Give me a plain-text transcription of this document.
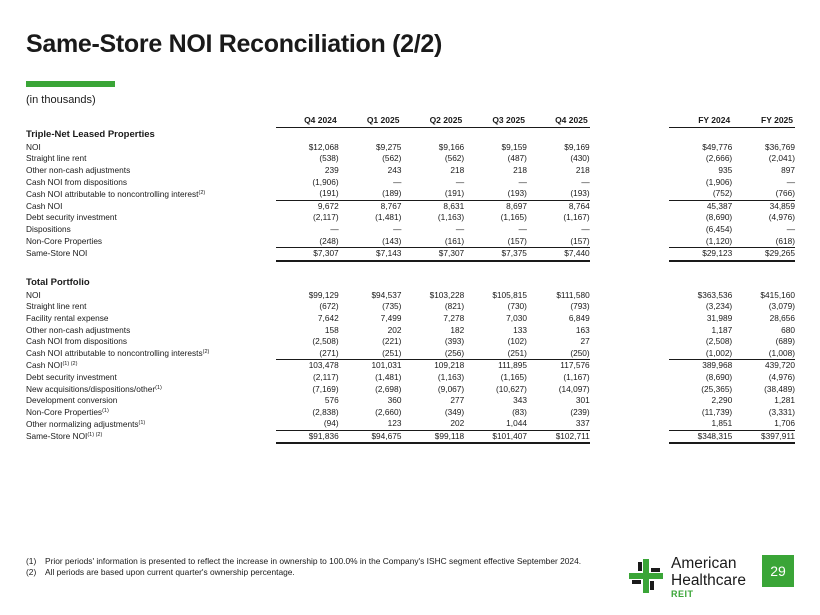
Same-Store NOI Reconciliation (2/2)
(in thousands)
	Q4 2024	Q1 2025	Q2 2025	Q3 2025	Q4 2025		FY 2024	FY 2025
Triple-Net Leased Properties								
NOI	$12,068	$9,275	$9,166	$9,159	$9,169		$49,776	$36,769
Straight line rent	(538)	(562)	(562)	(487)	(430)		(2,666)	(2,041)
Other non-cash adjustments	239	243	218	218	218		935	897
Cash NOI from dispositions	(1,906)	—	—	—	—		(1,906)	—
Cash NOI attributable to noncontrolling interest$^{(2)}$	(191)	(189)	(191)	(193)	(193)		(752)	(766)
Cash NOI	9,672	8,767	8,631	8,697	8,764		45,387	34,859
Debt security investment	(2,117)	(1,481)	(1,163)	(1,165)	(1,167)		(8,690)	(4,976)
Dispositions	—	—	—	—	—		(6,454)	—
Non-Core Properties	(248)	(143)	(161)	(157)	(157)		(1,120)	(618)
Same-Store NOI	$7,307	$7,143	$7,307	$7,375	$7,440		$29,123	$29,265

Total Portfolio								
NOI	$99,129	$94,537	$103,228	$105,815	$111,580		$363,536	$415,160
Straight line rent	(672)	(735)	(821)	(730)	(793)		(3,234)	(3,079)
Facility rental expense	7,642	7,499	7,278	7,030	6,849		31,989	28,656
Other non-cash adjustments	158	202	182	133	163		1,187	680
Cash NOI from dispositions	(2,508)	(221)	(393)	(102)	27		(2,508)	(689)
Cash NOI attributable to noncontrolling interests$^{(2)}$	(271)	(251)	(256)	(251)	(250)		(1,002)	(1,008)
Cash $NOI^{(1) (2)}$	103,478	101,031	109,218	111,895	117,576		389,968	439,720
Debt security investment	(2,117)	(1,481)	(1,163)	(1,165)	(1,167)		(8,690)	(4,976)
New acquisitions/dispositions/other$^{(1)}$	(7,169)	(2,698)	(9,067)	(10,627)	(14,097)		(25,365)	(38,489)
Development conversion	576	360	277	343	301		2,290	1,281
Non-Core Properties$^{(1)}$	(2,838)	(2,660)	(349)	(83)	(239)		(11,739)	(3,331)
Other normalizing adjustments$^{(1)}$	(94)	123	202	1,044	337		1,851	1,706
Same-Store $NOI^{(1) (2)}$	$91,836	$94,675	$99,118	$101,407	$102,711		$348,315	$397,911
(1)	Prior periods' information is presented to reflect the increase in ownership to 100.0% in the Company's ISHC segment effective September 2024.
(2)	All periods are based upon current quarter's ownership percentage.	American
Healthcare
REIT
29
